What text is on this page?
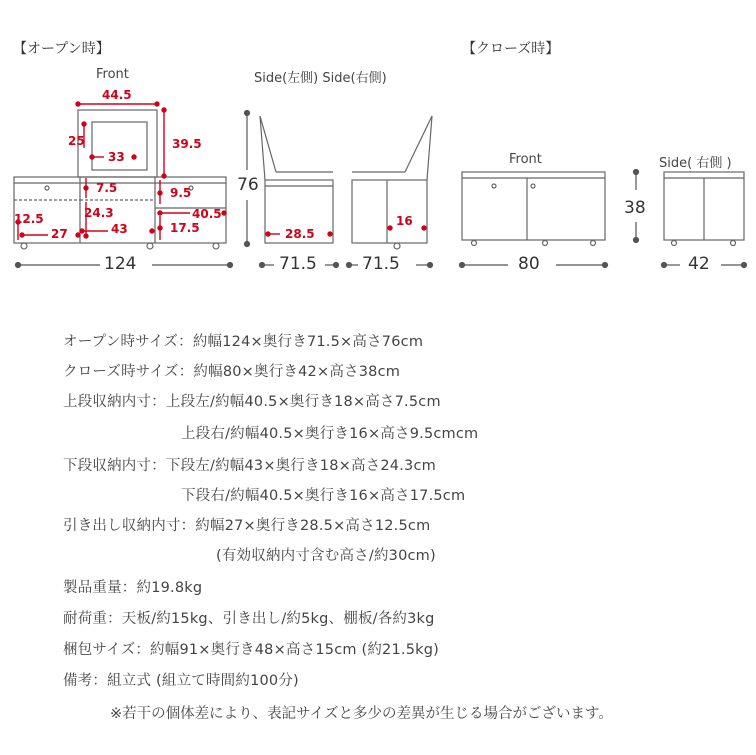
【オープン時】	【クローズ時】
Front	Side(左側) Side(右側)
Front	Side( 右側 )
124	71.5	71.5
76
80
38
42
44.5
25
33
39.5
7.5	9.5
24.3	40.5
12.5
27	43	17.5	28.5
16
オープン時サイズ：約幅124×奥行き71.5×高さ76cm
クローズ時サイズ：約幅80×奥行き42×高さ38cm
上段収納内寸：上段左/約幅40.5×奥行き18×高さ7.5cm
上段右/約幅40.5×奥行き16×高さ9.5cmcm
下段収納内寸：下段左/約幅43×奥行き18×高さ24.3cm
下段右/約幅40.5×奥行き16×高さ17.5cm
引き出し収納内寸：約幅27×奥行き28.5×高さ12.5cm
(有効収納内寸含む高さ/約30cm)
製品重量：約19.8kg
耐荷重：天板/約15kg、引き出し/約5kg、棚板/各約3kg
梱包サイズ：約幅91×奥行き48×高さ15cm (約21.5kg)
備考：組立式 (組立て時間約100分)
※若干の個体差により、表記サイズと多少の差異が生じる場合がございます。
